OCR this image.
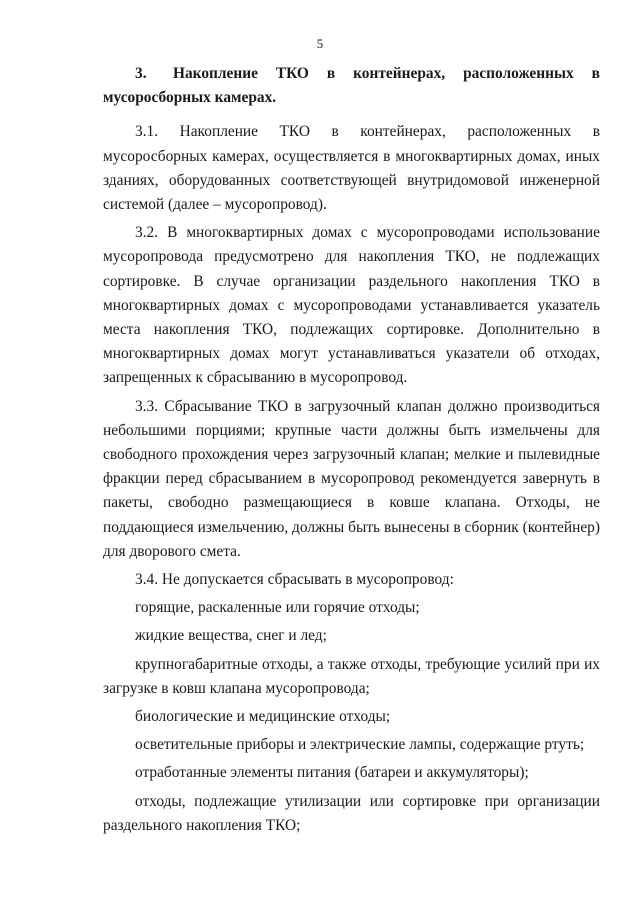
5

3. Накопление ТКО в контейнерах, расположенных в мусоросборных камерах.

3.1. Накопление ТКО в контейнерах, расположенных в мусоросборных камерах, осуществляется в многоквартирных домах, иных зданиях, оборудованных соответствующей внутридомовой инженерной системой (далее – мусоропровод).

3.2. В многоквартирных домах с мусоропроводами использование мусоропровода предусмотрено для накопления ТКО, не подлежащих сортировке. В случае организации раздельного накопления ТКО в многоквартирных домах с мусоропроводами устанавливается указатель места накопления ТКО, подлежащих сортировке. Дополнительно в многоквартирных домах могут устанавливаться указатели об отходах, запрещенных к сбрасыванию в мусоропровод.

3.3. Сбрасывание ТКО в загрузочный клапан должно производиться небольшими порциями; крупные части должны быть измельчены для свободного прохождения через загрузочный клапан; мелкие и пылевидные фракции перед сбрасыванием в мусоропровод рекомендуется завернуть в пакеты, свободно размещающиеся в ковше клапана. Отходы, не поддающиеся измельчению, должны быть вынесены в сборник (контейнер) для дворового смета.

3.4. Не допускается сбрасывать в мусоропровод:

горящие, раскаленные или горячие отходы;

жидкие вещества, снег и лед;

крупногабаритные отходы, а также отходы, требующие усилий при их загрузке в ковш клапана мусоропровода;

биологические и медицинские отходы;

осветительные приборы и электрические лампы, содержащие ртуть;

отработанные элементы питания (батареи и аккумуляторы);

отходы, подлежащие утилизации или сортировке при организации раздельного накопления ТКО;
